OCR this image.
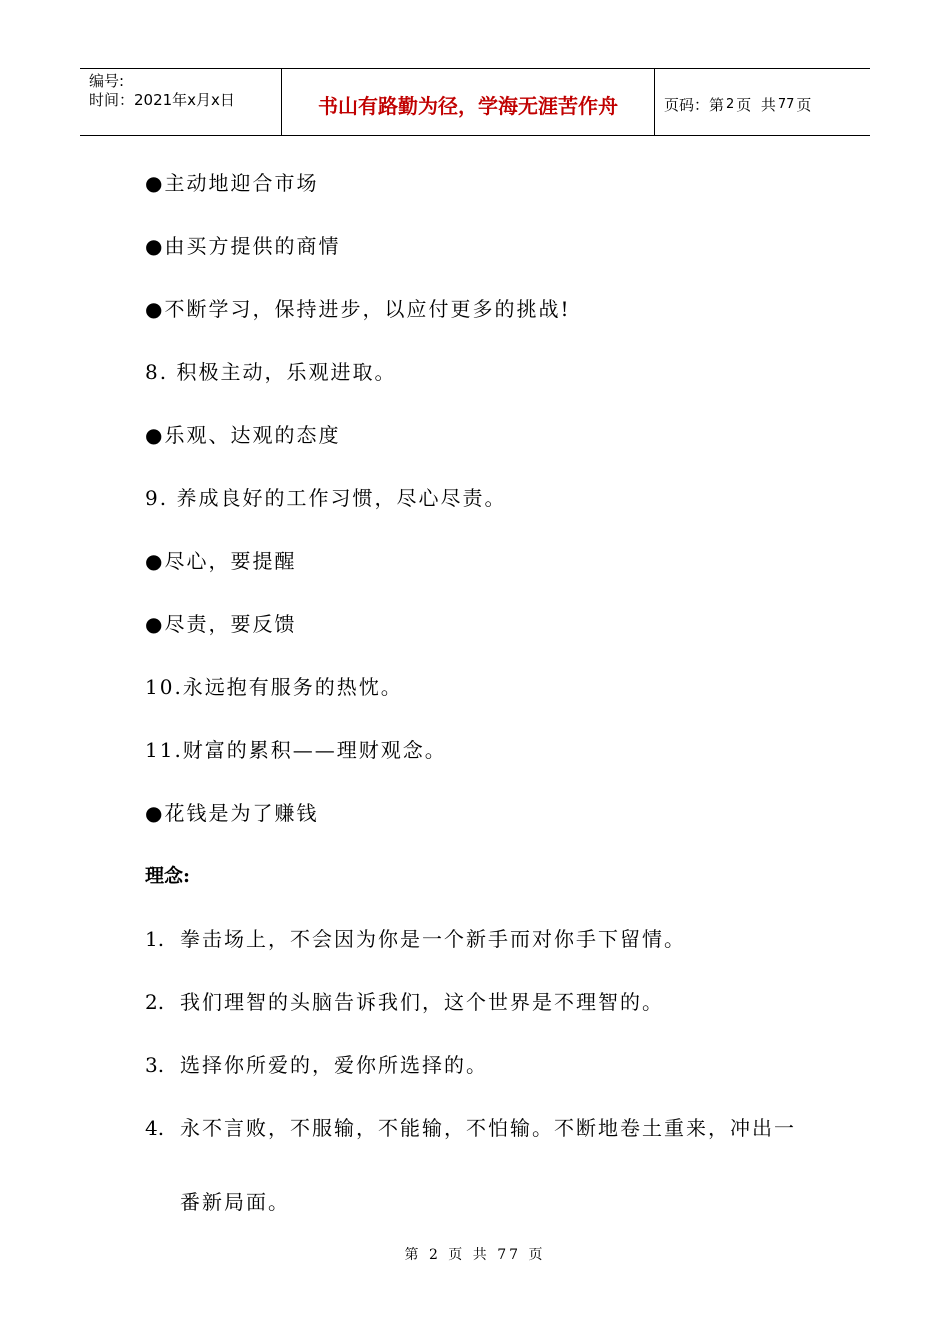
编号:
时间：2021年x月x日	书山有路勤为径，学海无涯苦作舟	页码：第 2 页  共 77 页
●主动地迎合市场
●由买方提供的商情
●不断学习，保持进步，以应付更多的挑战!
8. 积极主动，乐观进取。
●乐观、达观的态度
9. 养成良好的工作习惯，尽心尽责。
●尽心，要提醒
●尽责，要反馈
10.永远抱有服务的热忱。
11.财富的累积——理财观念。
●花钱是为了赚钱
理念:
1. 拳击场上，不会因为你是一个新手而对你手下留情。
2. 我们理智的头脑告诉我们，这个世界是不理智的。
3. 选择你所爱的，爱你所选择的。
4. 永不言败，不服输，不能输，不怕输。不断地卷土重来，冲出一
番新局面。
第 2 页 共 77 页
